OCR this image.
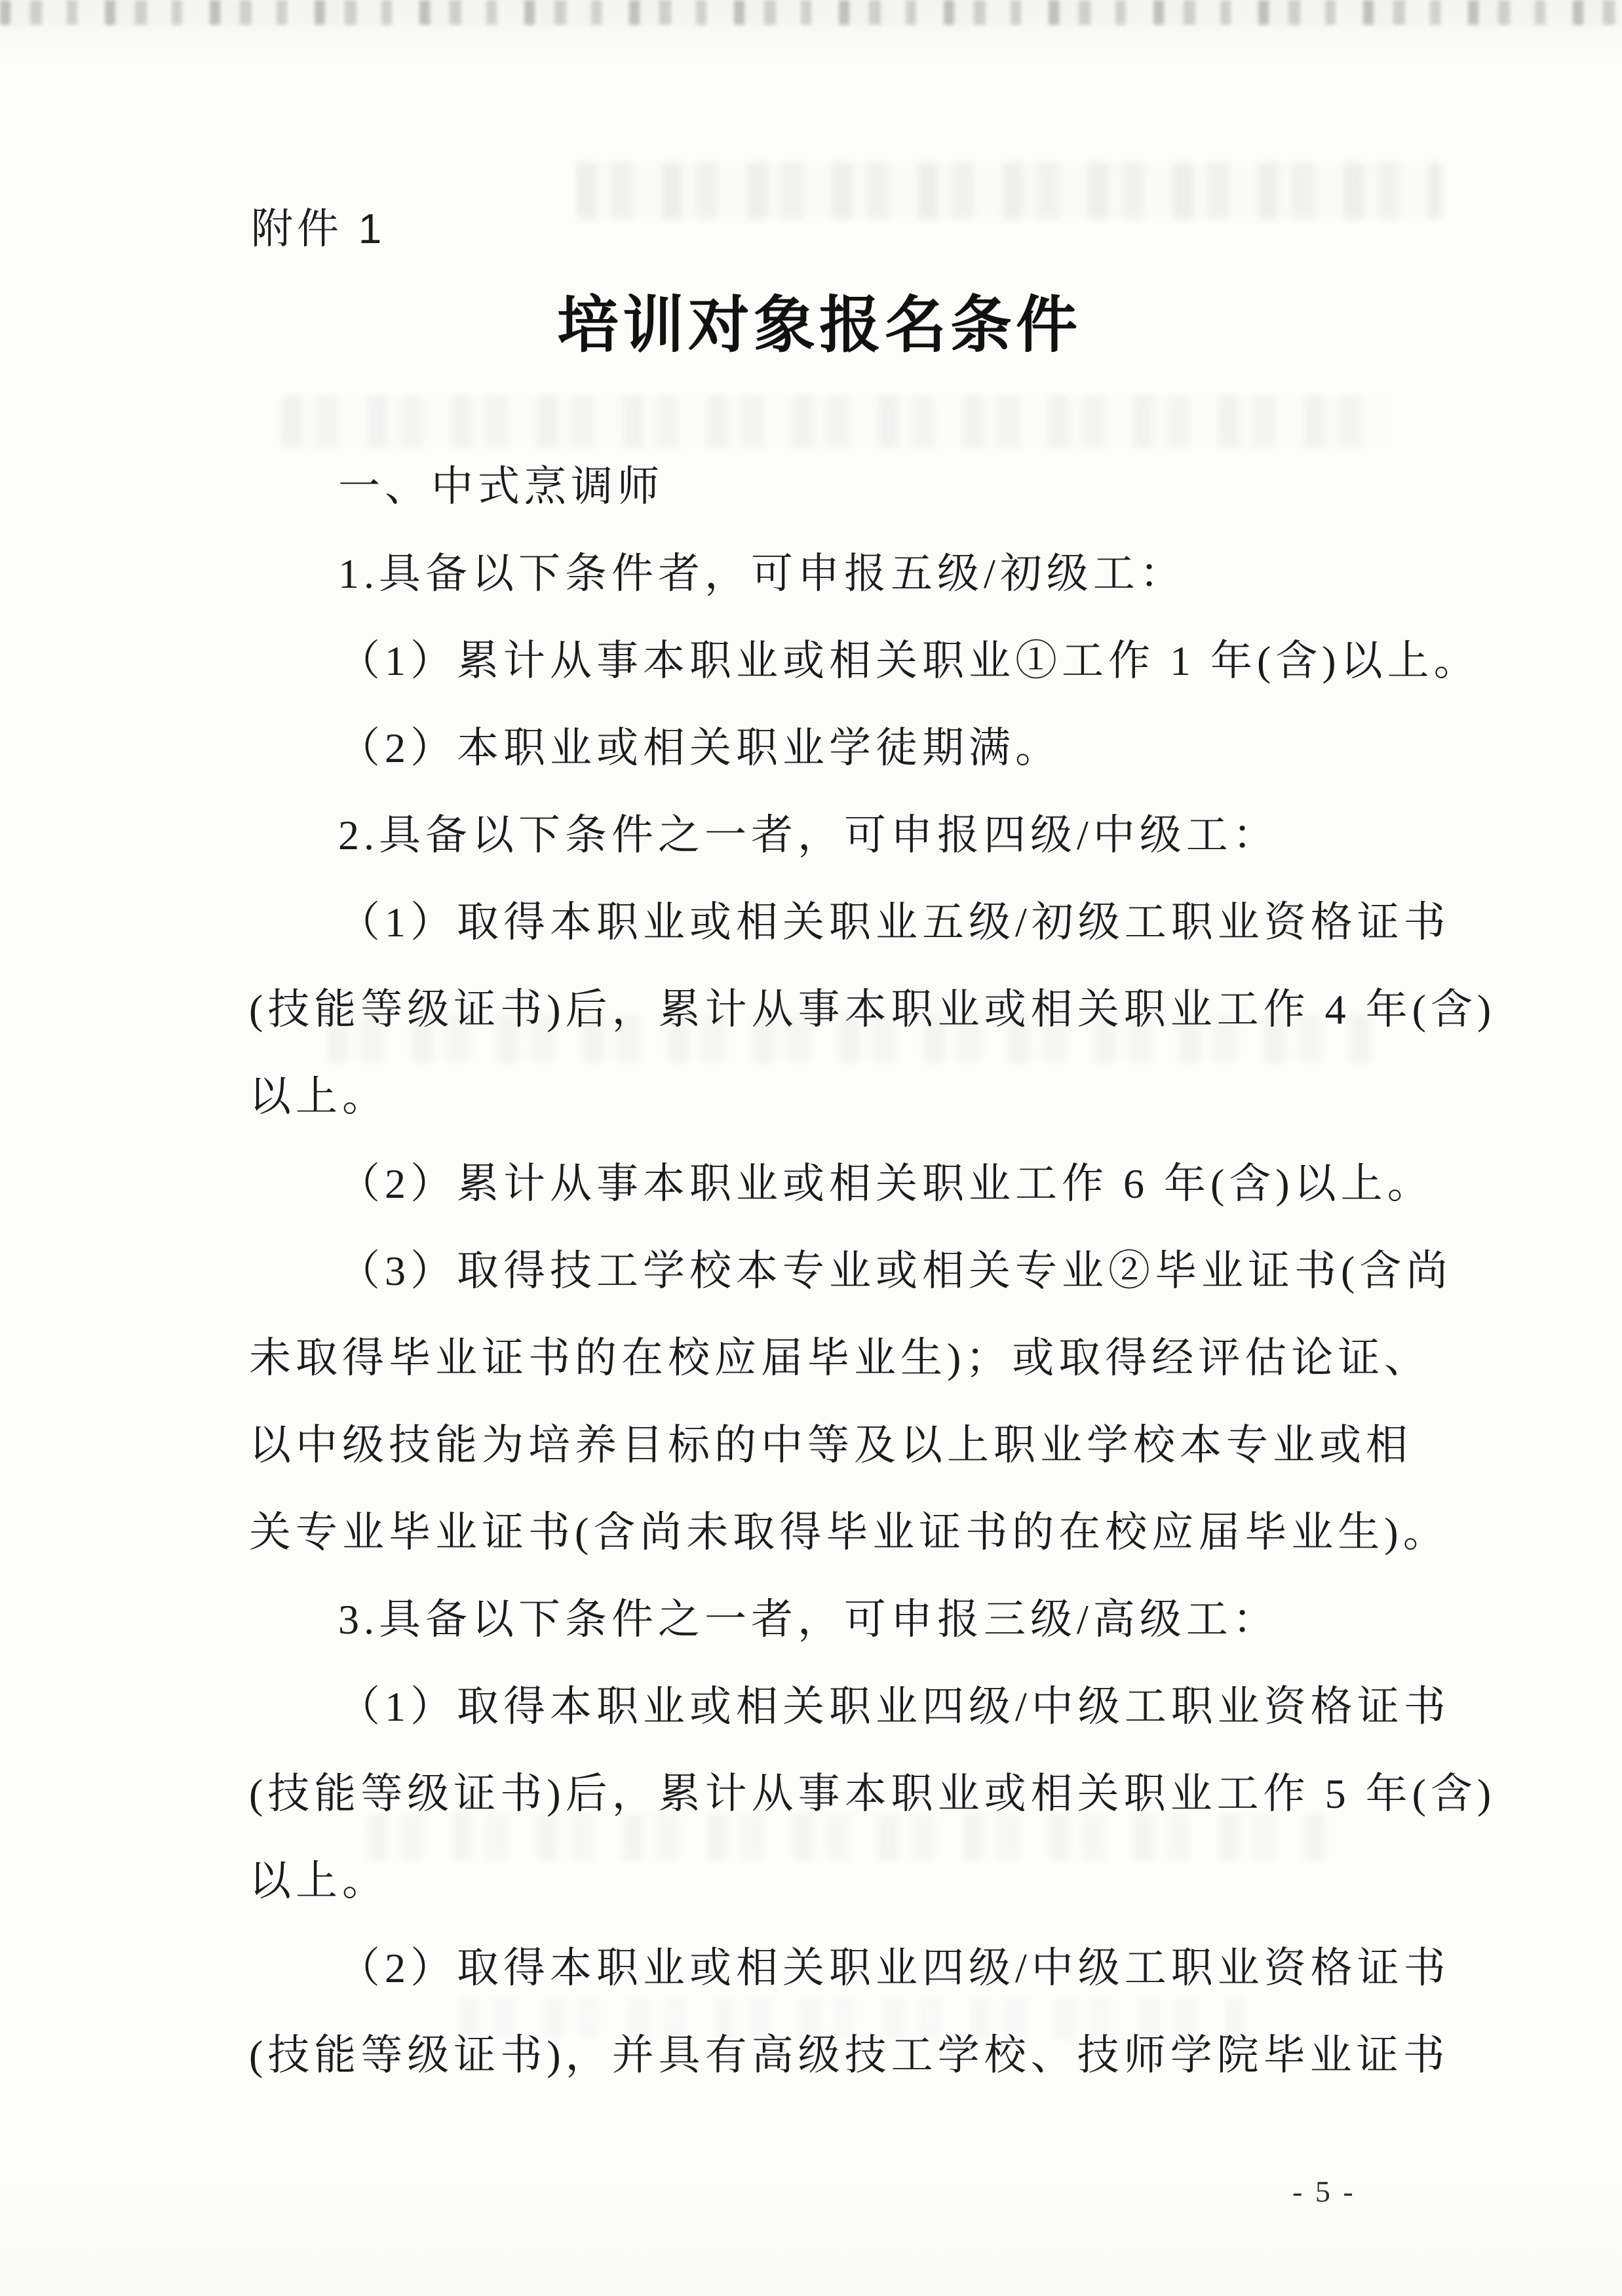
附件 1
培训对象报名条件
一、中式烹调师
1.具备以下条件者，可申报五级/初级工：
（1）累计从事本职业或相关职业①工作 1 年(含)以上。
（2）本职业或相关职业学徒期满。
2.具备以下条件之一者，可申报四级/中级工：
（1）取得本职业或相关职业五级/初级工职业资格证书
(技能等级证书)后，累计从事本职业或相关职业工作 4 年(含)
以上。
（2）累计从事本职业或相关职业工作 6 年(含)以上。
（3）取得技工学校本专业或相关专业②毕业证书(含尚
未取得毕业证书的在校应届毕业生)；或取得经评估论证、
以中级技能为培养目标的中等及以上职业学校本专业或相
关专业毕业证书(含尚未取得毕业证书的在校应届毕业生)。
3.具备以下条件之一者，可申报三级/高级工：
（1）取得本职业或相关职业四级/中级工职业资格证书
(技能等级证书)后，累计从事本职业或相关职业工作 5 年(含)
以上。
（2）取得本职业或相关职业四级/中级工职业资格证书
(技能等级证书)，并具有高级技工学校、技师学院毕业证书
- 5 -
